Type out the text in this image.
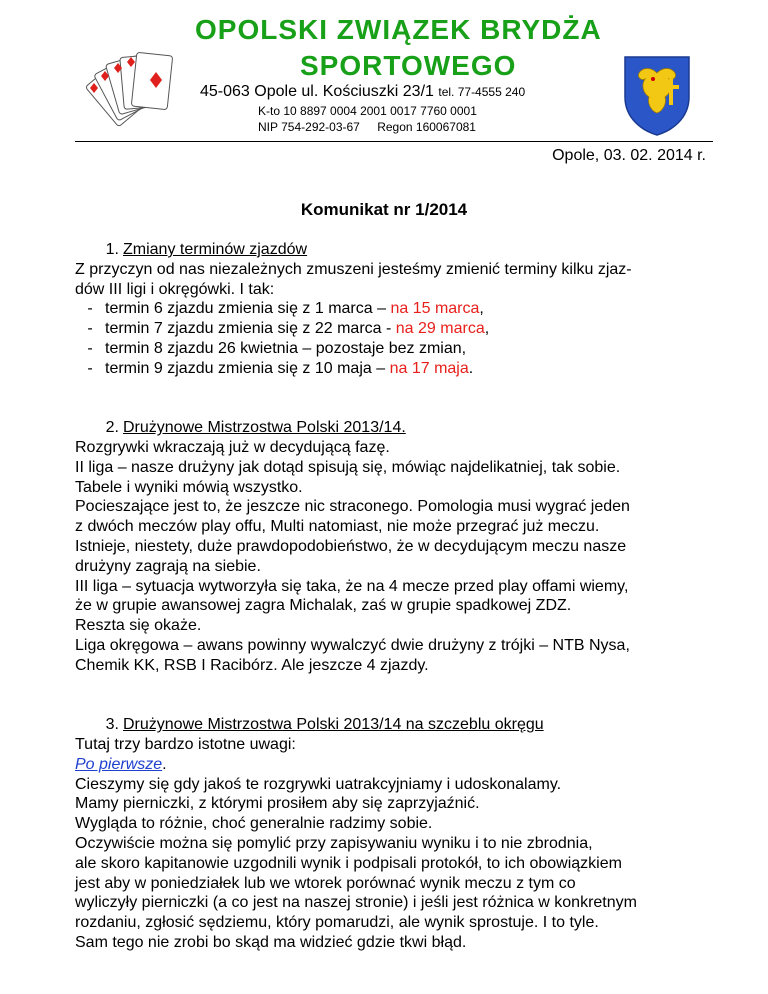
OPOLSKI ZWIĄZEK BRYDŻA
SPORTOWEGO
45-063 Opole ul. Kościuszki 23/1 tel. 77-4555 240
K-to 10 8897 0004 2001 0017 7760 0001
NIP 754-292-03-67 Regon 160067081
Opole, 03. 02. 2014 r.
Komunikat nr 1/2014

1. Zmiany terminów zjazdów

Z przyczyn od nas niezależnych zmuszeni jesteśmy zmienić terminy kilku zjaz-

dów III ligi i okręgówki. I tak:

- termin 6 zjazdu zmienia się z 1 marca – na 15 marca,

- termin 7 zjazdu zmienia się z 22 marca - na 29 marca,

- termin 8 zjazdu 26 kwietnia – pozostaje bez zmian,

- termin 9 zjazdu zmienia się z 10 maja – na 17 maja.

2. Drużynowe Mistrzostwa Polski 2013/14.

Rozgrywki wkraczają już w decydującą fazę.

II liga – nasze drużyny jak dotąd spisują się, mówiąc najdelikatniej, tak sobie.

Tabele i wyniki mówią wszystko.

Pocieszające jest to, że jeszcze nic straconego. Pomologia musi wygrać jeden

z dwóch meczów play offu, Multi natomiast, nie może przegrać już meczu.

Istnieje, niestety, duże prawdopodobieństwo, że w decydującym meczu nasze

drużyny zagrają na siebie.

III liga – sytuacja wytworzyła się taka, że na 4 mecze przed play offami wiemy,

że w grupie awansowej zagra Michalak, zaś w grupie spadkowej ZDZ.

Reszta się okaże.

Liga okręgowa – awans powinny wywalczyć dwie drużyny z trójki – NTB Nysa,

Chemik KK, RSB I Racibórz. Ale jeszcze 4 zjazdy.

3. Drużynowe Mistrzostwa Polski 2013/14 na szczeblu okręgu

Tutaj trzy bardzo istotne uwagi:

Po pierwsze.

Cieszymy się gdy jakoś te rozgrywki uatrakcyjniamy i udoskonalamy.

Mamy pierniczki, z którymi prosiłem aby się zaprzyjaźnić.

Wygląda to różnie, choć generalnie radzimy sobie.

Oczywiście można się pomylić przy zapisywaniu wyniku i to nie zbrodnia,

ale skoro kapitanowie uzgodnili wynik i podpisali protokół, to ich obowiązkiem

jest aby w poniedziałek lub we wtorek porównać wynik meczu z tym co

wyliczyły pierniczki (a co jest na naszej stronie) i jeśli jest różnica w konkretnym

rozdaniu, zgłosić sędziemu, który pomarudzi, ale wynik sprostuje. I to tyle.

Sam tego nie zrobi bo skąd ma widzieć gdzie tkwi błąd.
